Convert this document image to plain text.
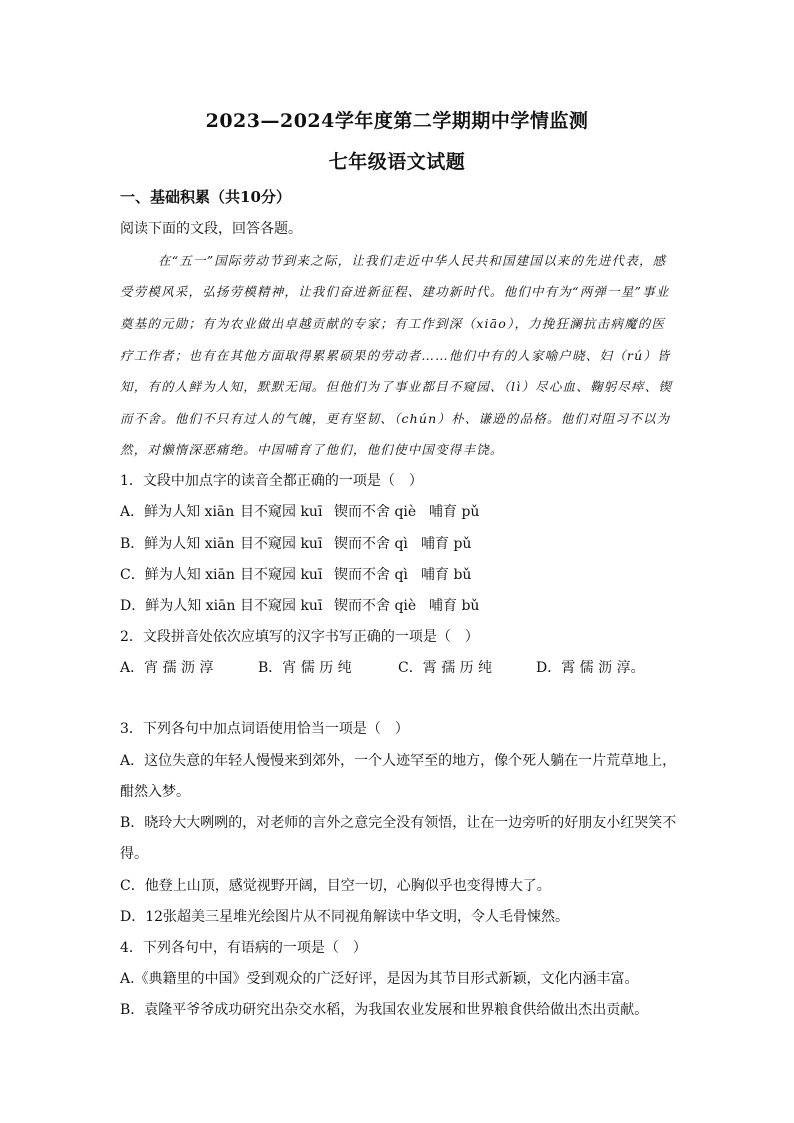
2023—2024学年度第二学期期中学情监测
七年级语文试题
一、基础积累（共10分）
阅读下面的文段，回答各题。
在“五一”国际劳动节到来之际，让我们走近中华人民共和国建国以来的先进代表，感
受劳模风采，弘扬劳模精神，让我们奋进新征程、建功新时代。他们中有为“两弹一星”事业
奠基的元勋；有为农业做出卓越贡献的专家；有工作到深（xiāo），力挽狂澜抗击病魔的医
疗工作者；也有在其他方面取得累累硕果的劳动者……他们中有的人家喻户晓、妇（rú）皆
知，有的人鲜为人知，默默无闻。但他们为了事业都目不窥园、（lì）尽心血、鞠躬尽瘁、锲
而不舍。他们不只有过人的气魄，更有坚韧、（chún）朴、谦逊的品格。他们对阻习不以为
然，对懒惰深恶痛绝。中国哺育了他们，他们使中国变得丰饶。
1．文段中加点字的读音全都正确的一项是（　）
A．鲜为人知 xiān 目不窥园 kuī 锲而不舍 qiè 哺育 pǔ
B．鲜为人知 xiān 目不窥园 kuī 锲而不舍 qì 哺育 pǔ
C．鲜为人知 xiān 目不窥园 kuī 锲而不舍 qì 哺育 bǔ
D．鲜为人知 xiān 目不窥园 kuī 锲而不舍 qiè 哺育 bǔ
2．文段拼音处依次应填写的汉字书写正确的一项是（　）
A．宵 孺 沥 淳	B．宵 儒 历 纯	C．霄 孺 历 纯	D．霄 儒 沥 淳。
3．下列各句中加点词语使用恰当一项是（　）
A．这位失意的年轻人慢慢来到郊外，一个人迹罕至的地方，像个死人躺在一片荒草地上，
酣然入梦。
B．晓玲大大咧咧的，对老师的言外之意完全没有领悟，让在一边旁听的好朋友小红哭笑不
得。
C．他登上山顶，感觉视野开阔，目空一切，心胸似乎也变得博大了。
D．12张超美三星堆光绘图片从不同视角解读中华文明，令人毛骨悚然。
4．下列各句中，有语病的一项是（　）
A.《典籍里的中国》受到观众的广泛好评，是因为其节目形式新颖，文化内涵丰富。
B．袁隆平爷爷成功研究出杂交水稻，为我国农业发展和世界粮食供给做出杰出贡献。
